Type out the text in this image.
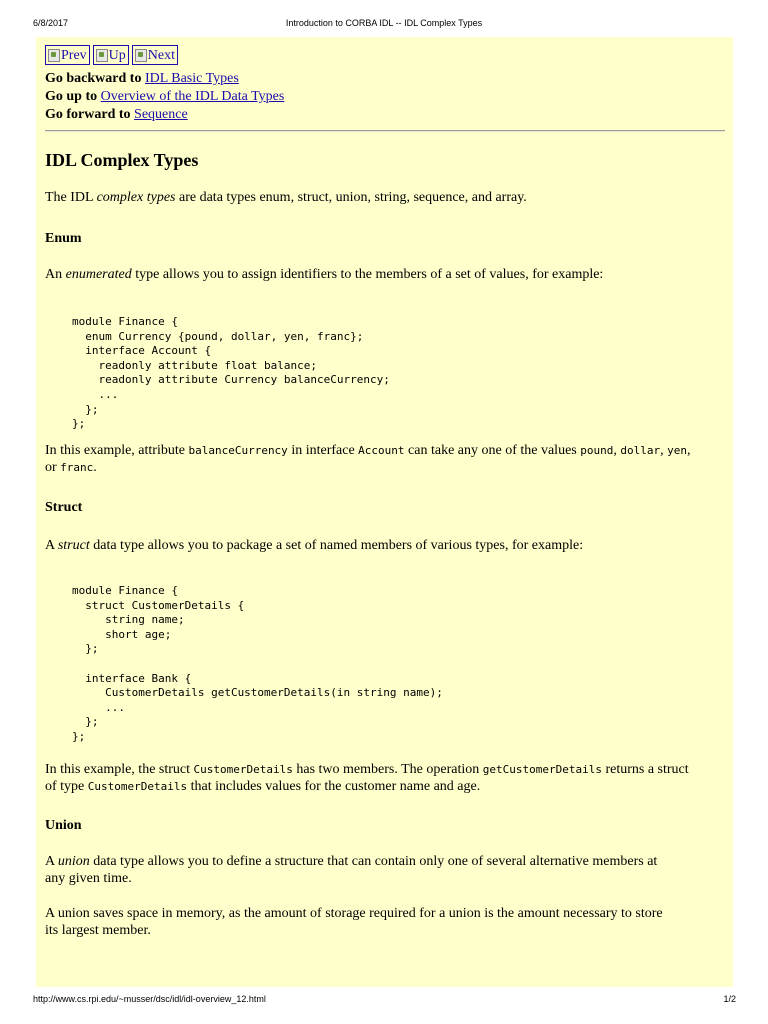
6/8/2017	Introduction to CORBA IDL -- IDL Complex Types
Prev Up Next
Go backward to IDL Basic Types
Go up to Overview of the IDL Data Types
Go forward to Sequence
IDL Complex Types
The IDL complex types are data types enum, struct, union, string, sequence, and array.
Enum
An enumerated type allows you to assign identifiers to the members of a set of values, for example:
module Finance {
enum Currency {pound, dollar, yen, franc};
interface Account {
readonly attribute float balance;
readonly attribute Currency balanceCurrency;
...
};
};
In this example, attribute balanceCurrency in interface Account can take any one of the values pound, dollar, yen,
or franc.
Struct
A struct data type allows you to package a set of named members of various types, for example:
module Finance {
struct CustomerDetails {
string name;
short age;
};

interface Bank {
CustomerDetails getCustomerDetails(in string name);
...
};
};
In this example, the struct CustomerDetails has two members. The operation getCustomerDetails returns a struct
of type CustomerDetails that includes values for the customer name and age.
Union
A union data type allows you to define a structure that can contain only one of several alternative members at
any given time.
A union saves space in memory, as the amount of storage required for a union is the amount necessary to store
its largest member.
http://www.cs.rpi.edu/~musser/dsc/idl/idl-overview_12.html	1/2
